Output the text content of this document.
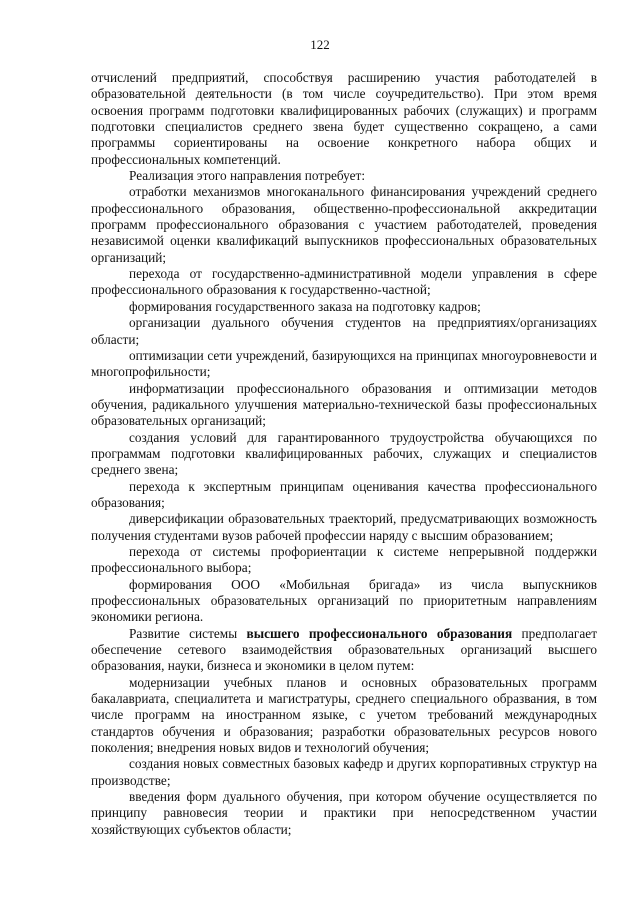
122

отчислений предприятий, способствуя расширению участия работодателей в образовательной деятельности (в том числе соучредительство). При этом время освоения программ подготовки квалифицированных рабочих (служащих) и программ подготовки специалистов среднего звена будет существенно сокращено, а сами программы сориентированы на освоение конкретного набора общих и профессиональных компетенций.

Реализация этого направления потребует:

отработки механизмов многоканального финансирования учреждений среднего профессионального образования, общественно-профессиональной аккредитации программ профессионального образования с участием работодателей, проведения независимой оценки квалификаций выпускников профессиональных образовательных организаций;

перехода от государственно-административной модели управления в сфере профессионального образования к государственно-частной;

формирования государственного заказа на подготовку кадров;

организации дуального обучения студентов на предприятиях/организациях области;

оптимизации сети учреждений, базирующихся на принципах многоуровневости и многопрофильности;

информатизации профессионального образования и оптимизации методов обучения, радикального улучшения материально-технической базы профессиональных образовательных организаций;

создания условий для гарантированного трудоустройства обучающихся по программам подготовки квалифицированных рабочих, служащих и специалистов среднего звена;

перехода к экспертным принципам оценивания качества профессионального образования;

диверсификации образовательных траекторий, предусматривающих возможность получения студентами вузов рабочей профессии наряду с высшим образованием;

перехода от системы профориентации к системе непрерывной поддержки профессионального выбора;

формирования ООО «Мобильная бригада» из числа выпускников профессиональных образовательных организаций по приоритетным направлениям экономики региона.

Развитие системы высшего профессионального образования предполагает обеспечение сетевого взаимодействия образовательных организаций высшего образования, науки, бизнеса и экономики в целом путем:

модернизации учебных планов и основных образовательных программ бакалавриата, специалитета и магистратуры, среднего специального образвания, в том числе программ на иностранном языке, с учетом требований международных стандартов обучения и образования; разработки образовательных ресурсов нового поколения; внедрения новых видов и технологий обучения;

создания новых совместных базовых кафедр и других корпоративных структур на производстве;

введения форм дуального обучения, при котором обучение осуществляется по принципу равновесия теории и практики при непосредственном участии хозяйствующих субъектов области;
